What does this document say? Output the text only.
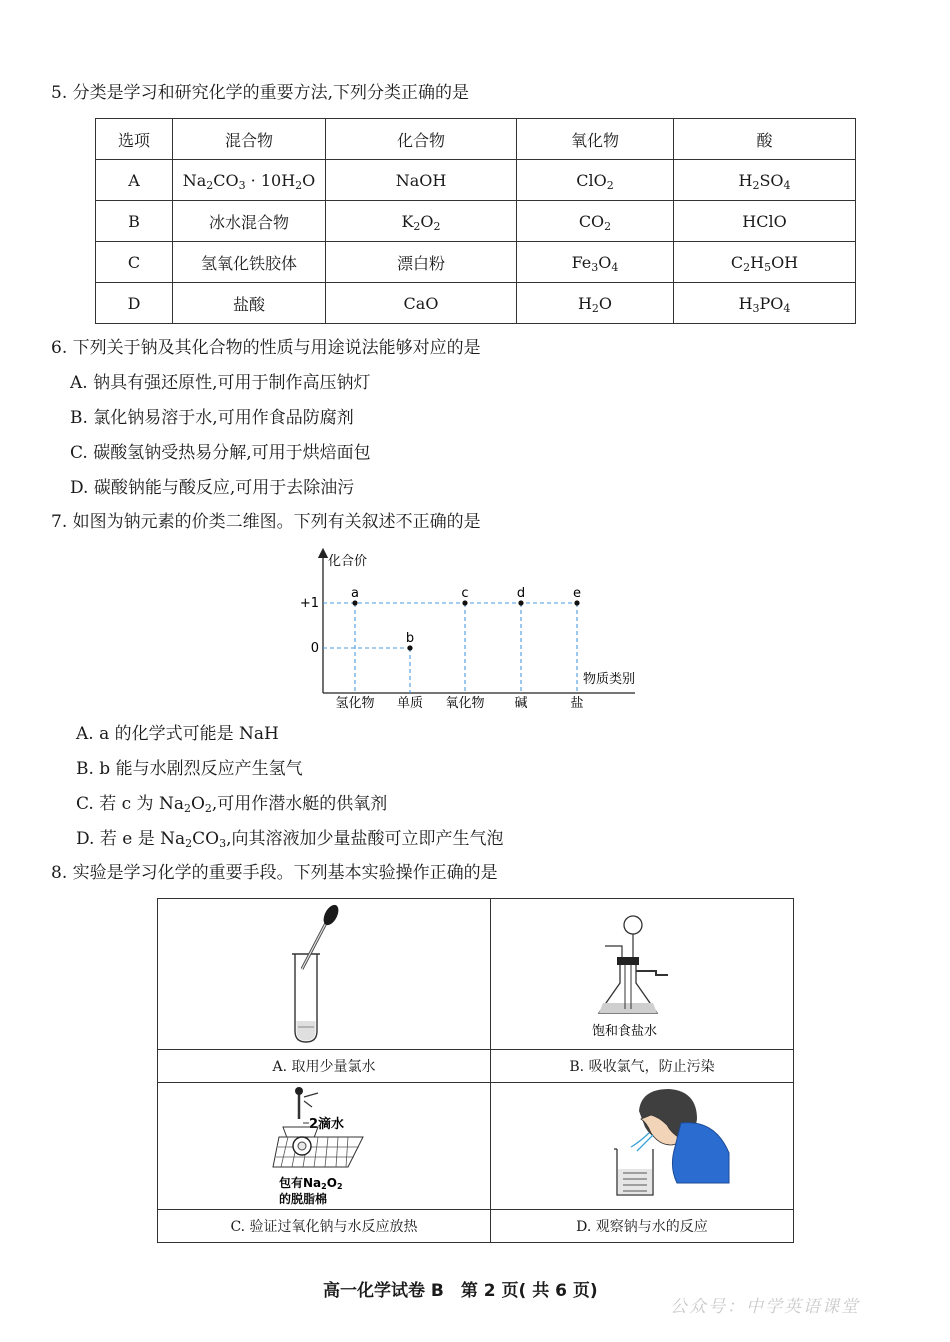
5. 分类是学习和研究化学的重要方法,下列分类正确的是
选项	混合物	化合物	氧化物	酸
A	$Na_2CO_3 \cdot 10H_2O$	NaOH	ClO$_2$	$H_2SO_4$
B	冰水混合物	$K_2O_2$	$CO_2$	HClO
C	氢氧化铁胶体	漂白粉	$Fe_3O_4$	$C_2H_5OH$
D	盐酸	CaO	$H_2O$	$H_3PO_4$
6. 下列关于钠及其化合物的性质与用途说法能够对应的是
A. 钠具有强还原性,可用于制作高压钠灯
B. 氯化钠易溶于水,可用作食品防腐剂
C. 碳酸氢钠受热易分解,可用于烘焙面包
D. 碳酸钠能与酸反应,可用于去除油污
7. 如图为钠元素的价类二维图。下列有关叙述不正确的是
化合价
物质类别
+1
0
氢化物 单质 氧化物 碱	盐
a
b
c	d	e
A. a 的化学式可能是 NaH
B. b 能与水剧烈反应产生氢气
C. 若 c 为 $Na_2O_2$,可用作潜水艇的供氧剂
D. 若 e 是 $Na_2CO_3$,向其溶液加少量盐酸可立即产生气泡
8. 实验是学习化学的重要手段。下列基本实验操作正确的是

饱和食盐水

A. 取用少量氯水	B. 吸收氯气，防止污染

2滴水
包有Na2O2
的脱脂棉

C. 验证过氧化钠与水反应放热	D. 观察钠与水的反应
高一化学试卷 B　第 2 页( 共 6 页)
公众号：中学英语课堂
